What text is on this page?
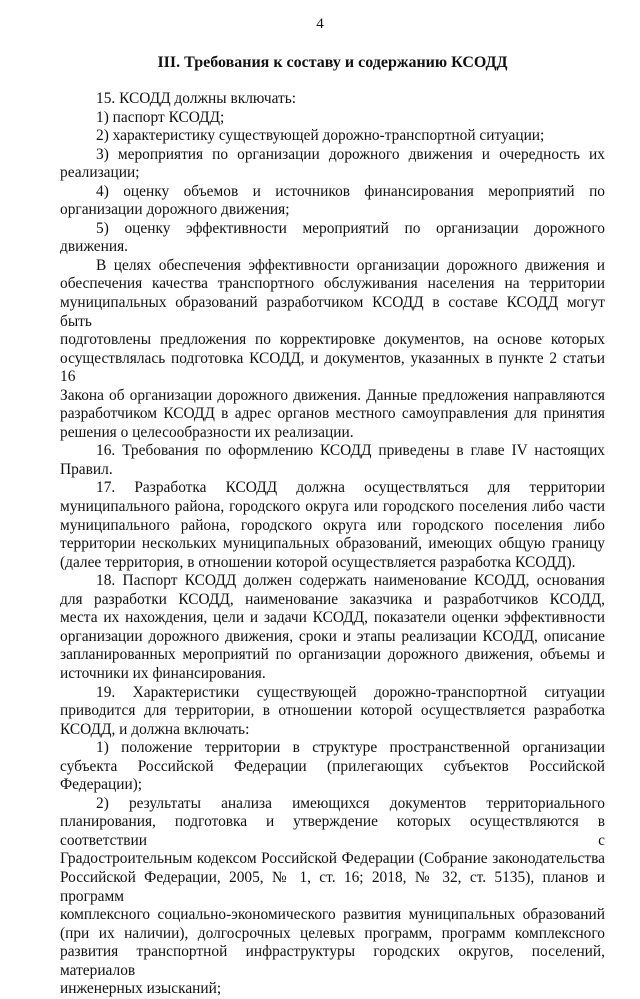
4
III. Требования к составу и содержанию КСОДД

15. КСОДД должны включать:

1) паспорт КСОДД;

2) характеристику существующей дорожно-транспортной ситуации;

3) мероприятия по организации дорожного движения и очередность их

реализации;

4) оценку объемов и источников финансирования мероприятий по

организации дорожного движения;

5) оценку эффективности мероприятий по организации дорожного

движения.

В целях обеспечения эффективности организации дорожного движения и

обеспечения качества транспортного обслуживания населения на территории

муниципальных образований разработчиком КСОДД в составе КСОДД могут быть

подготовлены предложения по корректировке документов, на основе которых

осуществлялась подготовка КСОДД, и документов, указанных в пункте 2 статьи 16

Закона об организации дорожного движения. Данные предложения направляются

разработчиком КСОДД в адрес органов местного самоуправления для принятия

решения о целесообразности их реализации.

16. Требования по оформлению КСОДД приведены в главе IV настоящих

Правил.

17. Разработка КСОДД должна осуществляться для территории

муниципального района, городского округа или городского поселения либо части

муниципального района, городского округа или городского поселения либо

территории нескольких муниципальных образований, имеющих общую границу

(далее территория, в отношении которой осуществляется разработка КСОДД).

18. Паспорт КСОДД должен содержать наименование КСОДД, основания

для разработки КСОДД, наименование заказчика и разработчиков КСОДД,

места их нахождения, цели и задачи КСОДД, показатели оценки эффективности

организации дорожного движения, сроки и этапы реализации КСОДД, описание

запланированных мероприятий по организации дорожного движения, объемы и

источники их финансирования.

19. Характеристики существующей дорожно-транспортной ситуации

приводится для территории, в отношении которой осуществляется разработка

КСОДД, и должна включать:

1) положение территории в структуре пространственной организации

субъекта Российской Федерации (прилегающих субъектов Российской Федерации);

2) результаты анализа имеющихся документов территориального

планирования, подготовка и утверждение которых осуществляются в соответствии с

Градостроительным кодексом Российской Федерации (Собрание законодательства

Российской Федерации, 2005, № 1, ст. 16; 2018, № 32, ст. 5135), планов и программ

комплексного социально-экономического развития муниципальных образований

(при их наличии), долгосрочных целевых программ, программ комплексного

развития транспортной инфраструктуры городских округов, поселений, материалов

инженерных изысканий;
